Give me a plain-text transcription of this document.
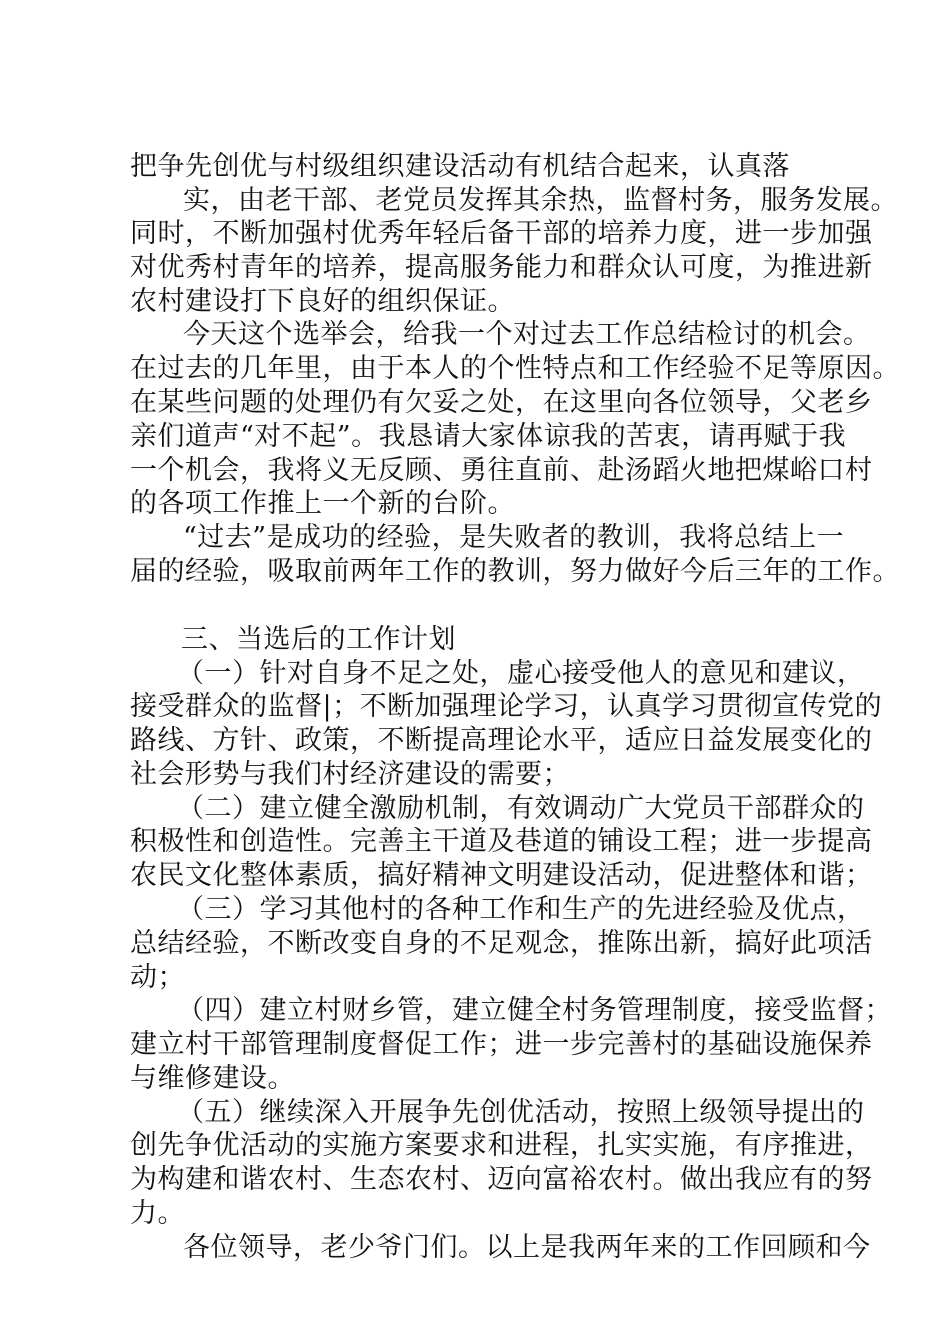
把争先创优与村级组织建设活动有机结合起来，认真落
实，由老干部、老党员发挥其余热，监督村务，服务发展。
同时，不断加强村优秀年轻后备干部的培养力度，进一步加强
对优秀村青年的培养，提高服务能力和群众认可度，为推进新
农村建设打下良好的组织保证。
今天这个选举会，给我一个对过去工作总结检讨的机会。
在过去的几年里，由于本人的个性特点和工作经验不足等原因。
在某些问题的处理仍有欠妥之处，在这里向各位领导，父老乡
亲们道声“对不起”。我恳请大家体谅我的苦衷，请再赋于我
一个机会，我将义无反顾、勇往直前、赴汤蹈火地把煤峪口村
的各项工作推上一个新的台阶。
“过去”是成功的经验，是失败者的教训，我将总结上一
届的经验，吸取前两年工作的教训，努力做好今后三年的工作。
三、当选后的工作计划
（一）针对自身不足之处，虚心接受他人的意见和建议，
接受群众的监督|；不断加强理论学习，认真学习贯彻宣传党的
路线、方针、政策，不断提高理论水平，适应日益发展变化的
社会形势与我们村经济建设的需要；
（二）建立健全激励机制，有效调动广大党员干部群众的
积极性和创造性。完善主干道及巷道的铺设工程；进一步提高
农民文化整体素质，搞好精神文明建设活动，促进整体和谐；
（三）学习其他村的各种工作和生产的先进经验及优点，
总结经验，不断改变自身的不足观念，推陈出新，搞好此项活
动；
（四）建立村财乡管，建立健全村务管理制度，接受监督；
建立村干部管理制度督促工作；进一步完善村的基础设施保养
与维修建设。
（五）继续深入开展争先创优活动，按照上级领导提出的
创先争优活动的实施方案要求和进程，扎实实施，有序推进，
为构建和谐农村、生态农村、迈向富裕农村。做出我应有的努
力。
各位领导，老少爷门们。以上是我两年来的工作回顾和今
